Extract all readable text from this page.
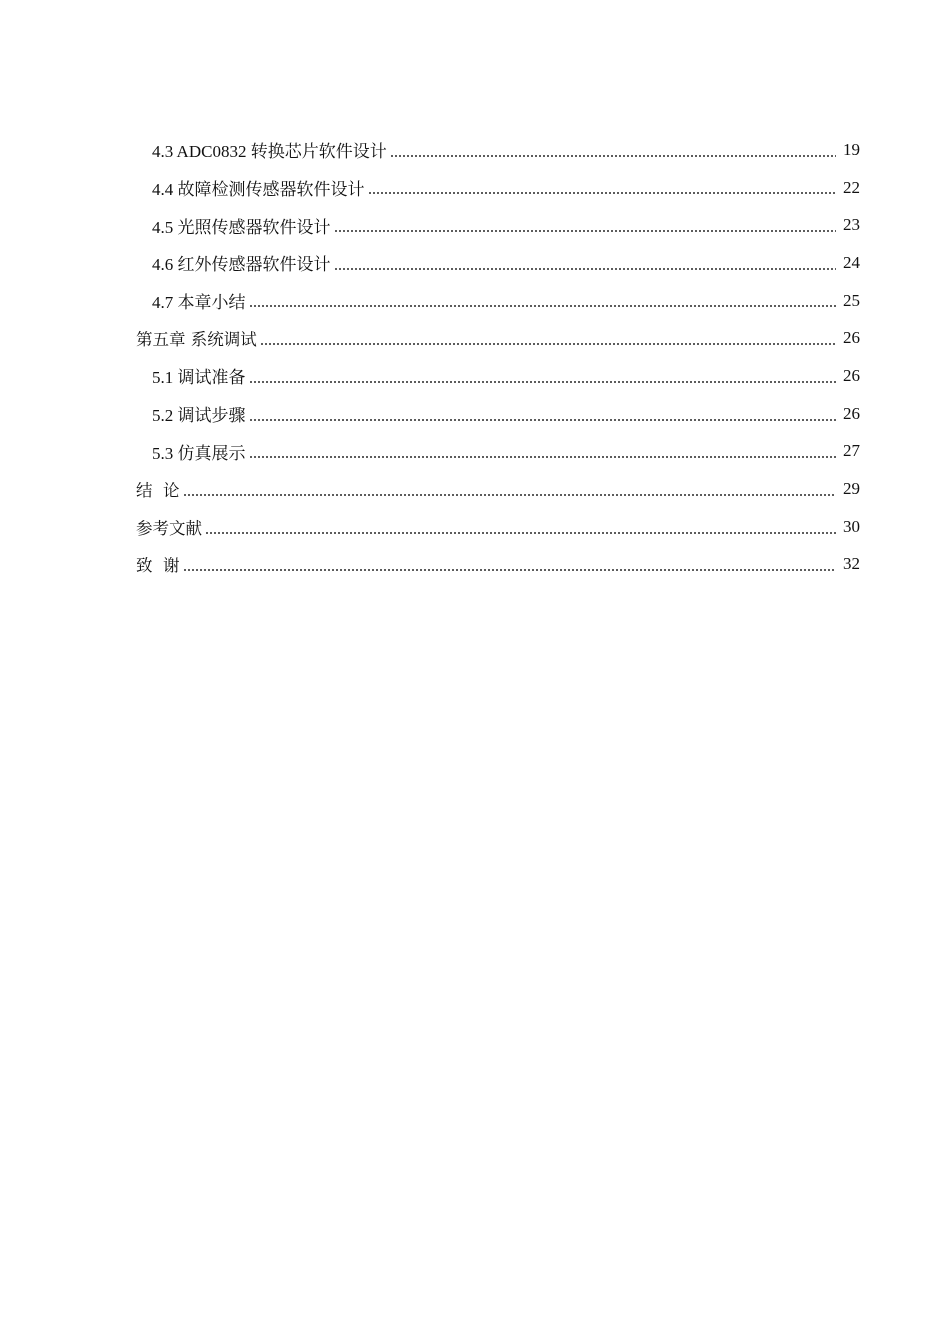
4.3 ADC0832 转换芯片软件设计	19
4.4 故障检测传感器软件设计	22
4.5 光照传感器软件设计	23
4.6 红外传感器软件设计	24
4.7 本章小结	25
第五章 系统调试	26
5.1 调试准备	26
5.2 调试步骤	26
5.3 仿真展示	27
结  论	29
参考文献	30
致  谢	32
